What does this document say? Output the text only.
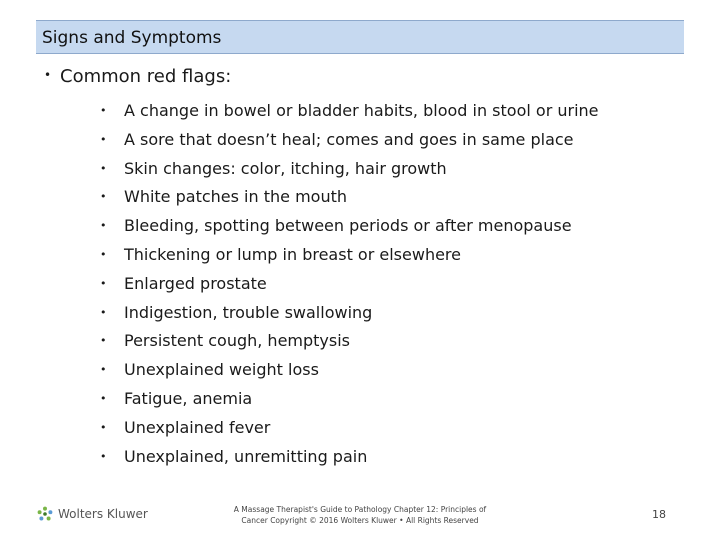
Signs and Symptoms
• Common red flags:
• A change in bowel or bladder habits, blood in stool or urine
• A sore that doesn’t heal; comes and goes in same place
• Skin changes: color, itching, hair growth
• White patches in the mouth
• Bleeding, spotting between periods or after menopause
• Thickening or lump in breast or elsewhere
• Enlarged prostate
• Indigestion, trouble swallowing
• Persistent cough, hemptysis
• Unexplained weight loss
• Fatigue, anemia
• Unexplained fever
• Unexplained, unremitting pain
Wolters Kluwer	A Massage Therapist's Guide to Pathology Chapter 12: Principles of
Cancer Copyright © 2016 Wolters Kluwer • All Rights Reserved	18
